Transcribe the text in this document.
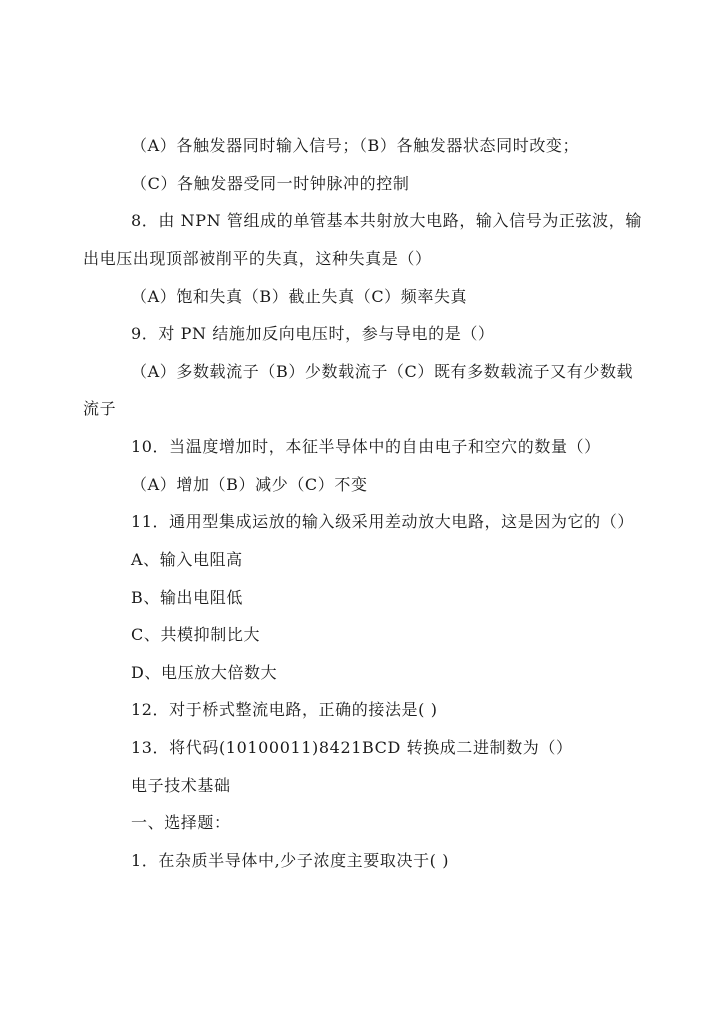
（A）各触发器同时输入信号；（B）各触发器状态同时改变；

（C）各触发器受同一时钟脉冲的控制

8．由 NPN 管组成的单管基本共射放大电路，输入信号为正弦波，输

出电压出现顶部被削平的失真，这种失真是（）

（A）饱和失真（B）截止失真（C）频率失真

9．对 PN 结施加反向电压时，参与导电的是（）

（A）多数载流子（B）少数载流子（C）既有多数载流子又有少数载

流子

10．当温度增加时，本征半导体中的自由电子和空穴的数量（）

（A）增加（B）减少（C）不变

11．通用型集成运放的输入级采用差动放大电路，这是因为它的（）

A、输入电阻高

B、输出电阻低

C、共模抑制比大

D、电压放大倍数大

12．对于桥式整流电路，正确的接法是( )

13．将代码(10100011)8421BCD 转换成二进制数为（）

电子技术基础

一、选择题：

1．在杂质半导体中,少子浓度主要取决于( )
